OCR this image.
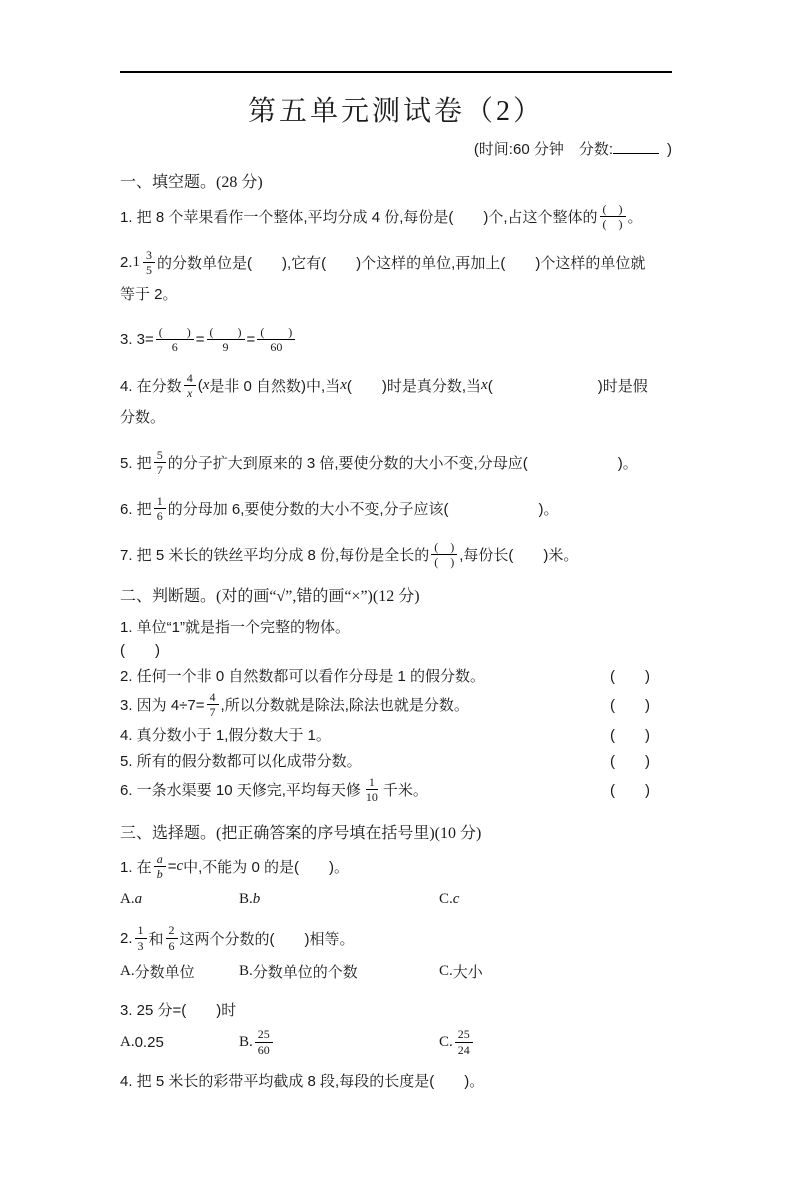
第五单元测试卷（2）
(时间:60 分钟　分数:	)
一、填空题。(28 分)
1. 把 8 个苹果看作一个整体,平均分成 4 份,每份是(　　)个,占这个整体的 $\frac{( )}{( )}$ 。
2. $1 \frac{3}{5}$ 的分数单位是(　　),它有(　　)个这样的单位,再加上(　　)个这样的单位就
等于 2。
3. $3= \frac{( )}{6} = \frac{( )}{9} = \frac{( )}{60}$
4. 在分数 $\frac{4}{x}$ ( x 是非 0 自然数)中,当 x (　　)时是真分数,当 x (　　　　　　　)时是假
分数。
5. 把 $\frac{5}{7}$ 的分子扩大到原来的 3 倍,要使分数的大小不变,分母应(　　　　　　)。
6. 把 $\frac{1}{6}$ 的分母加 6,要使分数的大小不变,分子应该(　　　　　　)。
7. 把 5 米长的铁丝平均分成 8 份,每份是全长的 $\frac{( )}{( )}$ ,每份长(　　)米。
二、判断题。(对的画“√”,错的画“×”)(12 分)
1. 单位“1”就是指一个完整的物体。
(　　)
2. 任何一个非 0 自然数都可以看作分母是 1 的假分数。	(　　)
3. 因为 $4\div 7= \frac{4}{7}$ ,所以分数就是除法,除法也就是分数。	(　　)
4. 真分数小于 1,假分数大于 1。	(　　)
5. 所有的假分数都可以化成带分数。	(　　)
6. 一条水渠要 10 天修完,平均每天修 $\frac{1}{10}$ 千米。	(　　)
三、选择题。(把正确答案的序号填在括号里)(10 分)
1. 在 $\frac{a}{b} = c$ 中,不能为 0 的是(　　)。
A. a	B. b	C. c
2. $\frac{1}{3}$ 和 $\frac{2}{6}$ 这两个分数的(　　)相等。
A. 分数单位	B. 分数单位的个数	C. 大小
3. 25 分=(　　)时
A. 0.25	B. $\frac{25}{60}$	C. $\frac{25}{24}$
4. 把 5 米长的彩带平均截成 8 段,每段的长度是(　　)。
